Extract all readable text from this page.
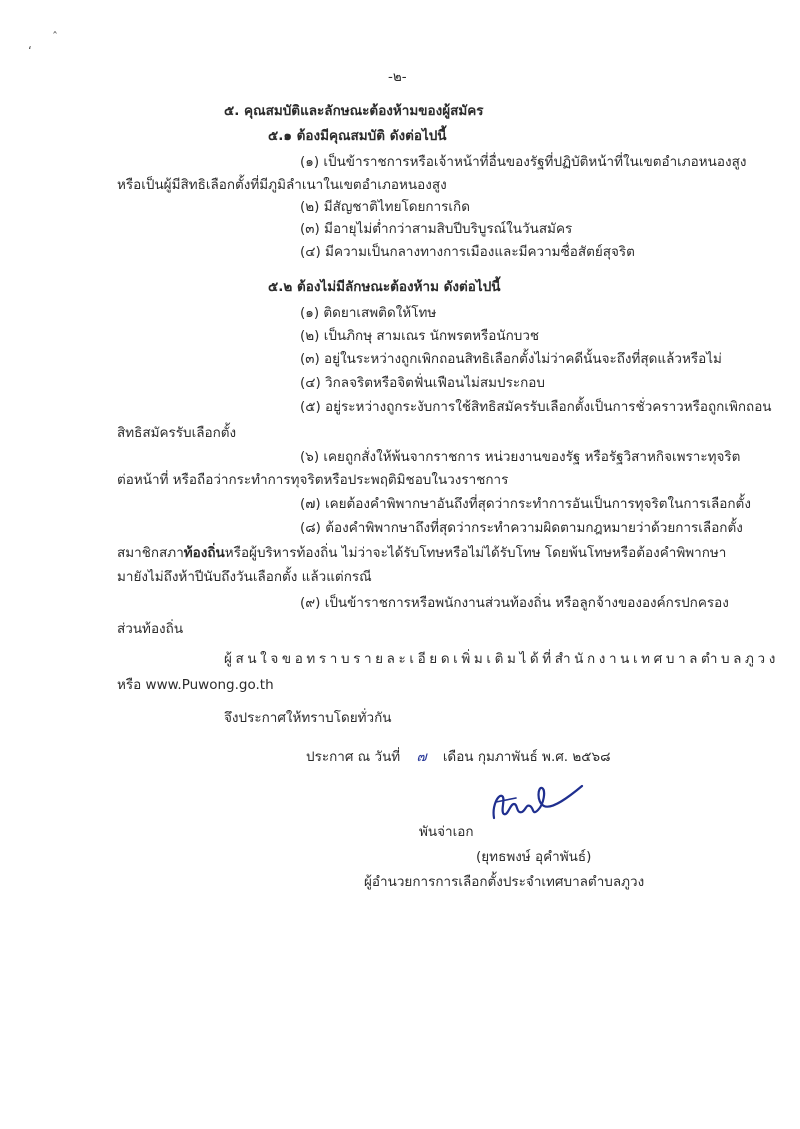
ʻ
ˆ
-๒-
๕. คุณสมบัติและลักษณะต้องห้ามของผู้สมัคร
๕.๑ ต้องมีคุณสมบัติ ดังต่อไปนี้
(๑) เป็นข้าราชการหรือเจ้าหน้าที่อื่นของรัฐที่ปฏิบัติหน้าที่ในเขตอำเภอหนองสูง
หรือเป็นผู้มีสิทธิเลือกตั้งที่มีภูมิลำเนาในเขตอำเภอหนองสูง
(๒) มีสัญชาติไทยโดยการเกิด
(๓) มีอายุไม่ต่ำกว่าสามสิบปีบริบูรณ์ในวันสมัคร
(๔) มีความเป็นกลางทางการเมืองและมีความซื่อสัตย์สุจริต
๕.๒ ต้องไม่มีลักษณะต้องห้าม ดังต่อไปนี้
(๑) ติดยาเสพติดให้โทษ
(๒) เป็นภิกษุ สามเณร นักพรตหรือนักบวช
(๓) อยู่ในระหว่างถูกเพิกถอนสิทธิเลือกตั้งไม่ว่าคดีนั้นจะถึงที่สุดแล้วหรือไม่
(๔) วิกลจริตหรือจิตฟั่นเฟือนไม่สมประกอบ
(๕) อยู่ระหว่างถูกระงับการใช้สิทธิสมัครรับเลือกตั้งเป็นการชั่วคราวหรือถูกเพิกถอน
สิทธิสมัครรับเลือกตั้ง
(๖) เคยถูกสั่งให้พ้นจากราชการ หน่วยงานของรัฐ หรือรัฐวิสาหกิจเพราะทุจริต
ต่อหน้าที่ หรือถือว่ากระทำการทุจริตหรือประพฤติมิชอบในวงราชการ
(๗) เคยต้องคำพิพากษาอันถึงที่สุดว่ากระทำการอันเป็นการทุจริตในการเลือกตั้ง
(๘) ต้องคำพิพากษาถึงที่สุดว่ากระทำความผิดตามกฎหมายว่าด้วยการเลือกตั้ง
สมาชิกสภาท้องถิ่นหรือผู้บริหารท้องถิ่น ไม่ว่าจะได้รับโทษหรือไม่ได้รับโทษ โดยพ้นโทษหรือต้องคำพิพากษา
มายังไม่ถึงห้าปีนับถึงวันเลือกตั้ง แล้วแต่กรณี
(๙) เป็นข้าราชการหรือพนักงานส่วนท้องถิ่น หรือลูกจ้างขององค์กรปกครอง
ส่วนท้องถิ่น
ผู้สนใจขอทราบรายละเอียดเพิ่มเติมได้ที่สำนักงานเทศบาลตำบลภูวง
หรือ www.Puwong.go.th
จึงประกาศให้ทราบโดยทั่วกัน
ประกาศ ณ วันที่ ๗ เดือน กุมภาพันธ์ พ.ศ. ๒๕๖๘
พันจ่าเอก
(ยุทธพงษ์ อุคำพันธ์)
ผู้อำนวยการการเลือกตั้งประจำเทศบาลตำบลภูวง
